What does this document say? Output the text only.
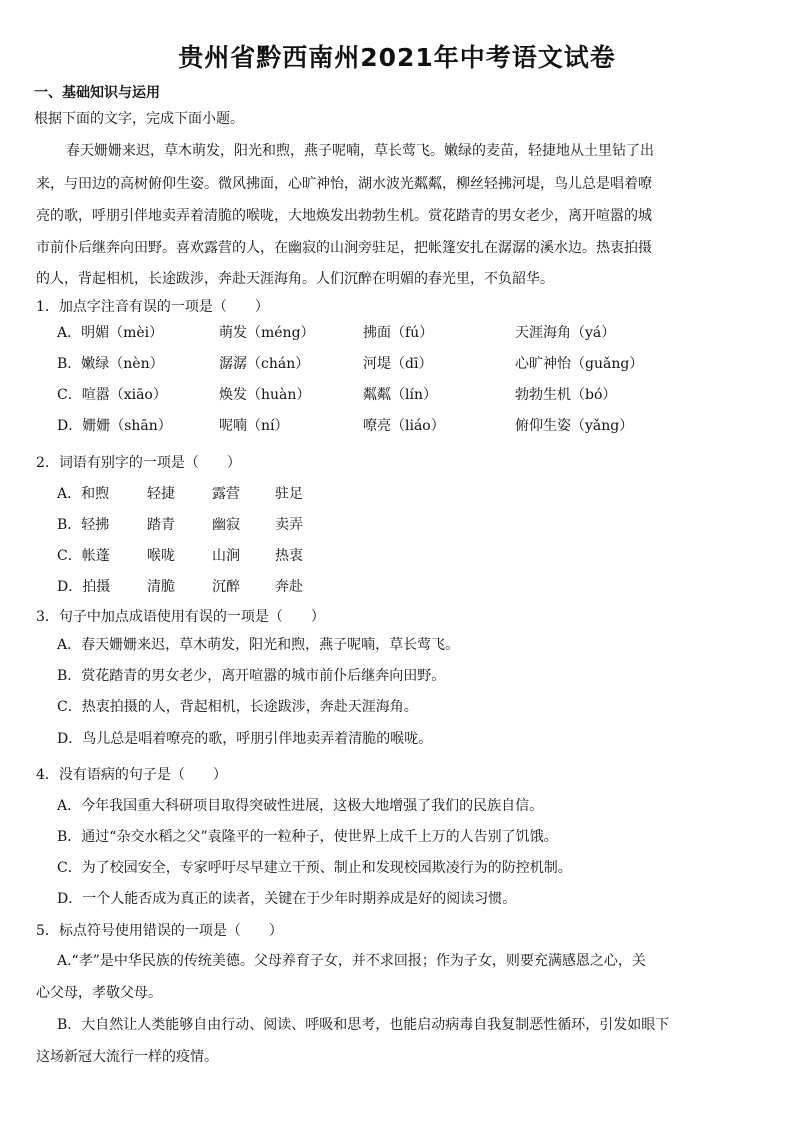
贵州省黔西南州2021年中考语文试卷
一、基础知识与运用
根据下面的文字，完成下面小题。
春天姗姗来迟，草木萌发，阳光和煦，燕子呢喃，草长莺飞。嫩绿的麦苗，轻捷地从土里钻了出
来，与田边的高树俯仰生姿。微风拂面，心旷神怡，湖水波光粼粼，柳丝轻拂河堤，鸟儿总是唱着嘹
亮的歌，呼朋引伴地卖弄着清脆的喉咙，大地焕发出勃勃生机。赏花踏青的男女老少，离开喧嚣的城
市前仆后继奔向田野。喜欢露营的人，在幽寂的山涧旁驻足，把帐篷安扎在潺潺的溪水边。热衷拍摄
的人，背起相机，长途跋涉，奔赴天涯海角。人们沉醉在明媚的春光里，不负韶华。
1．加点字注音有误的一项是（　　）
A．明媚（mèi）	萌发（méng）	拂面（fú）	天涯海角（yá）
B．嫩绿（nèn）	潺潺（chán）	河堤（dī）	心旷神怡（guǎng）
C．喧嚣（xiāo）	焕发（huàn）	粼粼（lín）	勃勃生机（bó）
D．姗姗（shān）	呢喃（ní）	嘹亮（liáo）	俯仰生姿（yǎng）
2．词语有别字的一项是（　　）
A．和煦	轻捷	露营	驻足
B．轻拂	踏青	幽寂	卖弄
C．帐蓬	喉咙	山涧	热衷
D．拍摄	清脆	沉醉	奔赴
3．句子中加点成语使用有误的一项是（　　）
A．春天姗姗来迟，草木萌发，阳光和煦，燕子呢喃，草长莺飞。
B．赏花踏青的男女老少，离开喧嚣的城市前仆后继奔向田野。
C．热衷拍摄的人，背起相机，长途跋涉，奔赴天涯海角。
D．鸟儿总是唱着嘹亮的歌，呼朋引伴地卖弄着清脆的喉咙。
4．没有语病的句子是（　　）
A．今年我国重大科研项目取得突破性进展，这极大地增强了我们的民族自信。
B．通过“杂交水稻之父”袁隆平的一粒种子，使世界上成千上万的人告别了饥饿。
C．为了校园安全，专家呼吁尽早建立干预、制止和发现校园欺凌行为的防控机制。
D．一个人能否成为真正的读者，关键在于少年时期养成是好的阅读习惯。
5．标点符号使用错误的一项是（　　）
A.“孝”是中华民族的传统美德。父母养育子女，并不求回报；作为子女，则要充满感恩之心，关
心父母，孝敬父母。
B．大自然让人类能够自由行动、阅读、呼吸和思考，也能启动病毒自我复制恶性循环，引发如眼下
这场新冠大流行一样的疫情。
